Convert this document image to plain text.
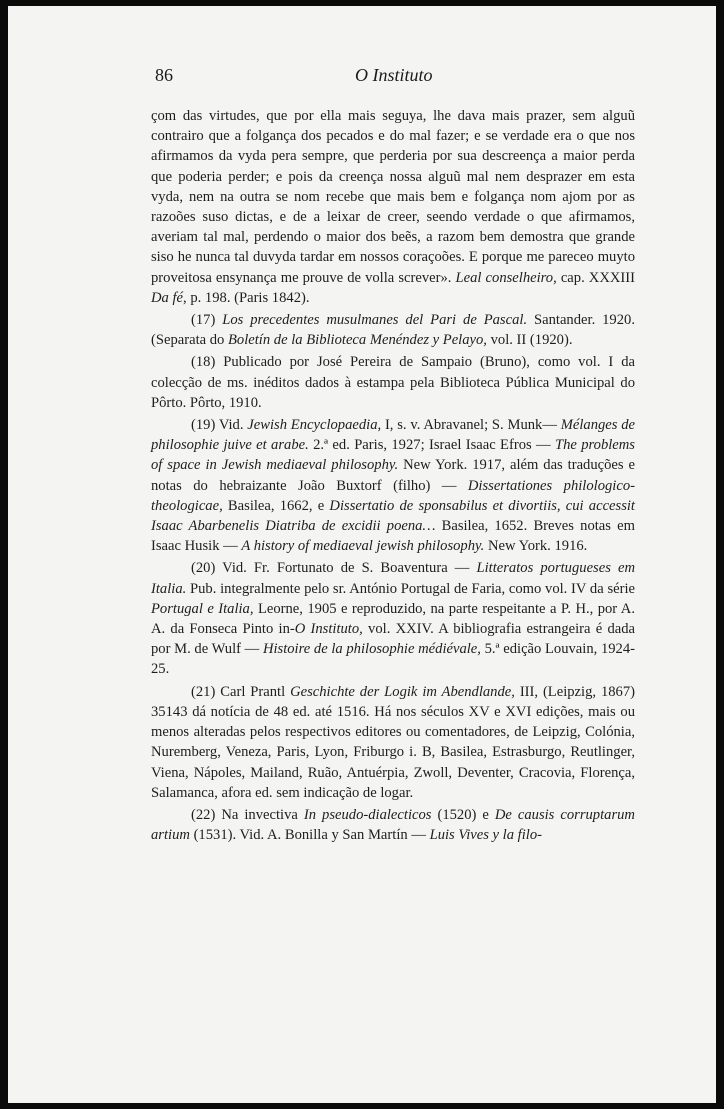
86	O Instituto

çom das virtudes, que por ella mais seguya, lhe dava mais prazer, sem alguũ contrairo que a folgança dos pecados e do mal fazer; e se verdade era o que nos afirmamos da vyda pera sempre, que perderia por sua descreença a maior perda que poderia perder; e pois da creença nossa alguũ mal nem desprazer em esta vyda, nem na outra se nom recebe que mais bem e folgança nom ajom por as razoões suso dictas, e de a leixar de creer, seendo verdade o que afirmamos, averiam tal mal, perdendo o maior dos beẽs, a razom bem demostra que grande siso he nunca tal duvyda tardar em nossos coraçoões. E porque me pareceo muyto proveitosa ensynança me prouve de volla screver». Leal conselheiro, cap. XXXIII Da fé, p. 198. (Paris 1842).

(17) Los precedentes musulmanes del Pari de Pascal. Santander. 1920. (Separata do Boletín de la Biblioteca Menéndez y Pelayo, vol. II (1920).

(18) Publicado por José Pereira de Sampaio (Bruno), como vol. I da colecção de ms. inéditos dados à estampa pela Biblioteca Pública Municipal do Pôrto. Pôrto, 1910.

(19) Vid. Jewish Encyclopaedia, I, s. v. Abravanel; S. Munk— Mélanges de philosophie juive et arabe. 2.ª ed. Paris, 1927; Israel Isaac Efros — The problems of space in Jewish mediaeval philosophy. New York. 1917, além das traduções e notas do hebraizante João Buxtorf (filho) — Dissertationes philologico-theologicae, Basilea, 1662, e Dissertatio de sponsabilus et divortiis, cui accessit Isaac Abarbenelis Diatriba de excidii poena… Basilea, 1652. Breves notas em Isaac Husik — A history of mediaeval jewish philosophy. New York. 1916.

(20) Vid. Fr. Fortunato de S. Boaventura — Litteratos portugueses em Italia. Pub. integralmente pelo sr. António Portugal de Faria, como vol. IV da série Portugal e Italia, Leorne, 1905 e reproduzido, na parte respeitante a P. H., por A. A. da Fonseca Pinto in-O Instituto, vol. XXIV. A bibliografia estrangeira é dada por M. de Wulf — Histoire de la philosophie médiévale, 5.ª edição Louvain, 1924-25.

(21) Carl Prantl Geschichte der Logik im Abendlande, III, (Leipzig, 1867) 35143 dá notícia de 48 ed. até 1516. Há nos séculos XV e XVI edições, mais ou menos alteradas pelos respectivos editores ou comentadores, de Leipzig, Colónia, Nuremberg, Veneza, Paris, Lyon, Friburgo i. B, Basilea, Estrasburgo, Reutlinger, Viena, Nápoles, Mailand, Ruão, Antuérpia, Zwoll, Deventer, Cracovia, Florença, Salamanca, afora ed. sem indicação de logar.

(22) Na invectiva In pseudo-dialecticos (1520) e De causis corruptarum artium (1531). Vid. A. Bonilla y San Martín — Luis Vives y la filo-
